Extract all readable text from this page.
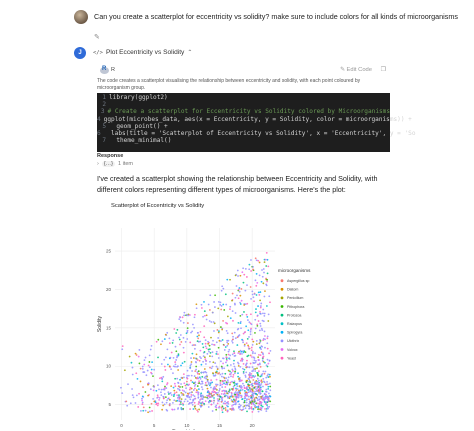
Can you create a scatterplot for eccentricity vs solidity? make sure to include colors for all kinds of microorganisms
✎
J	</> Plot Eccentricity vs Solidity ⌃
R R	✎ Edit Code ❐
The code creates a scatterplot visualising the relationship between eccentricity and solidity, with each point coloured by microorganism group.
1 library(ggplot2)
2
3 # Create a scatterplot for Eccentricity vs Solidity colored by Microorganisms
4 ggplot(microbes_data, aes(x = Eccentricity, y = Solidity, color = microorganisms)) +
5 geom_point() +
6 labs(title = 'Scatterplot of Eccentricity vs Solidity', x = 'Eccentricity', y = 'So
7 theme_minimal()
Response
› {…} 1 item
I've created a scatterplot showing the relationship between Eccentricity and Solidity, with different colors representing different types of microorganisms. Here's the plot:
Scatterplot of Eccentricity vs Solidity
0	5	10	15	20
5
10
15
20
25
Solidity
microorganisms
Aspergillus sp
Diatom
Penicillum
Pithophora
Protozoa
Raizopus
Spirogyra
Ulothrix
Volvox
Yeast
